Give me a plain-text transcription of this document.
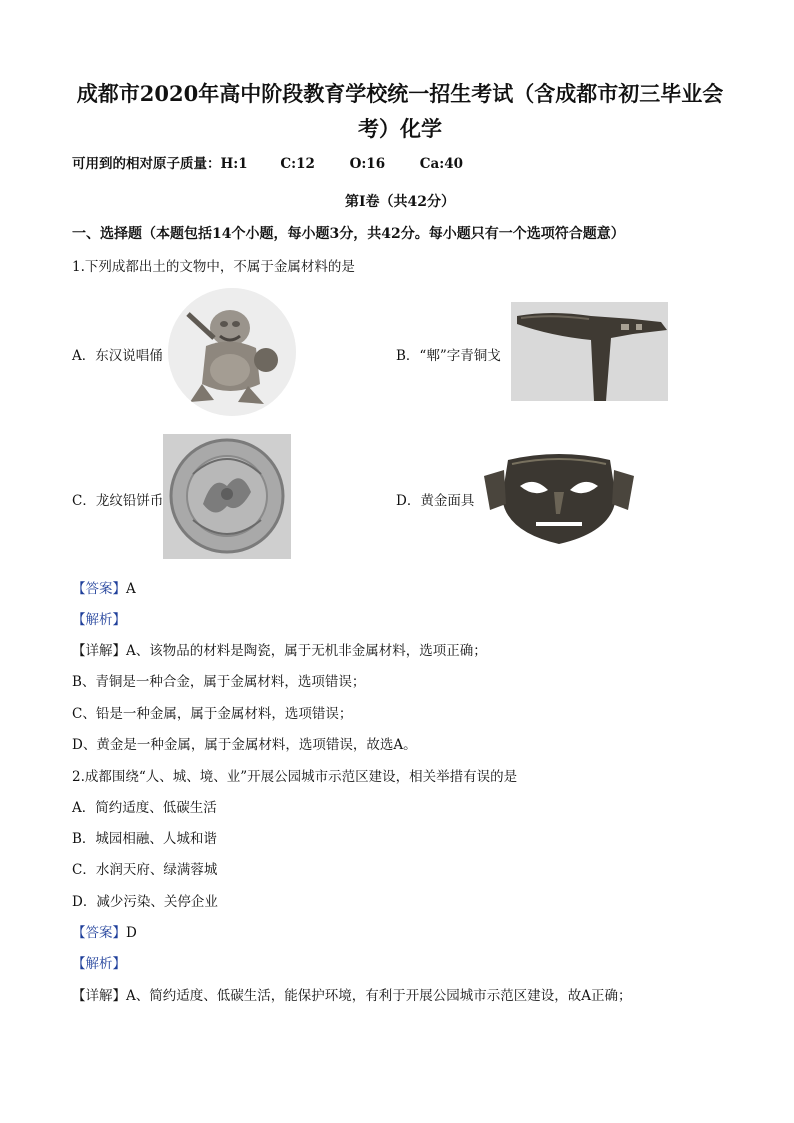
成都市2020年高中阶段教育学校统一招生考试（含成都市初三毕业会
考）化学
可用到的相对原子质量：H:1 C:12	O:16	Ca:40
第Ⅰ卷（共42分）
一、选择题（本题包括14个小题，每小题3分，共42分。每小题只有一个选项符合题意）
1.下列成都出土的文物中，不属于金属材料的是
A．东汉说唱俑	B．“郫”字青铜戈
C．龙纹铅饼币	D．黄金面具
【答案】A
【解析】
【详解】A、该物品的材料是陶瓷，属于无机非金属材料，选项正确；
B、青铜是一种合金，属于金属材料，选项错误；
C、铅是一种金属，属于金属材料，选项错误；
D、黄金是一种金属，属于金属材料，选项错误，故选A。
2.成都围绕“人、城、境、业”开展公园城市示范区建设，相关举措有误的是
A．简约适度、低碳生活
B．城园相融、人城和谐
C．水润天府、绿满蓉城
D．减少污染、关停企业
【答案】D
【解析】
【详解】A、简约适度、低碳生活，能保护环境，有利于开展公园城市示范区建设，故A正确；
